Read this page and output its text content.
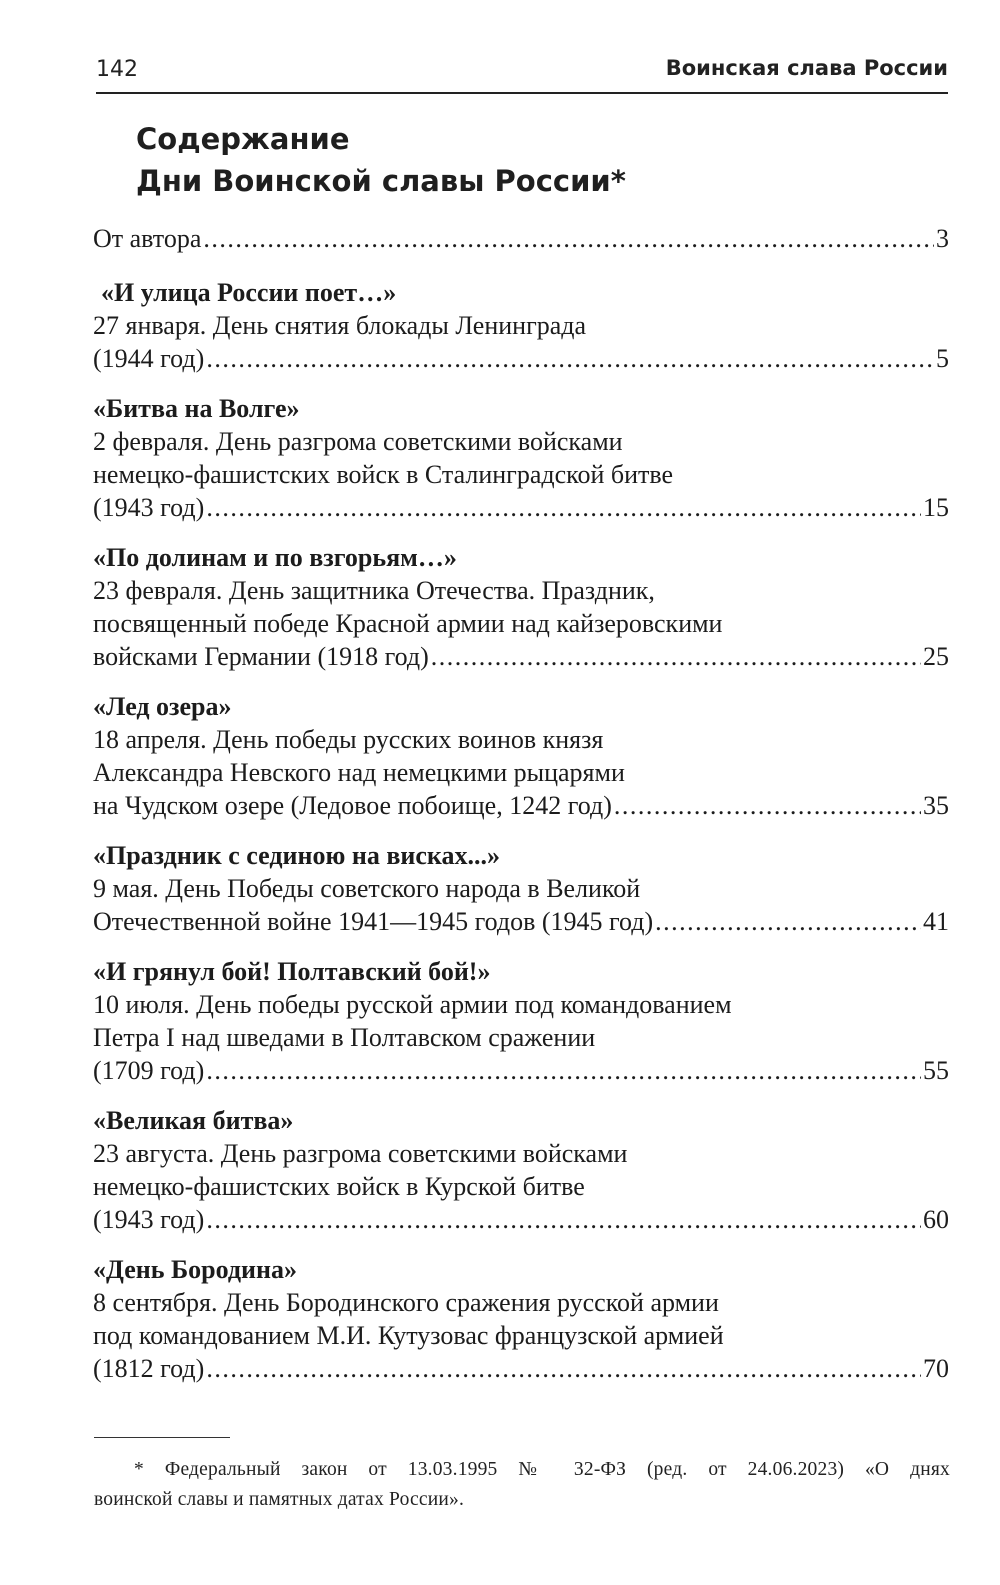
142	Воинская слава России
Содержание
Дни Воинской славы России*
От автора . . .	3
«И улица России поет…»
27 января. День снятия блокады Ленинграда
(1944 год) . . .	5
«Битва на Волге»
2 февраля. День разгрома советскими войсками
немецко-фашистских войск в Сталинградской битве
(1943 год) . . .	15
«По долинам и по взгорьям…»
23 февраля. День защитника Отечества. Праздник,
посвященный победе Красной армии над кайзеровскими
войсками Германии (1918 год) . . .	25
«Лед озера»
18 апреля. День победы русских воинов князя
Александра Невского над немецкими рыцарями
на Чудском озере (Ледовое побоище, 1242 год) . . .	35
«Праздник с сединою на висках...»
9 мая. День Победы советского народа в Великой
Отечественной войне 1941—1945 годов (1945 год) . . .	41
«И грянул бой! Полтавский бой!»
10 июля. День победы русской армии под командованием
Петра I над шведами в Полтавском сражении
(1709 год) . . .	55
«Великая битва»
23 августа. День разгрома советскими войсками
немецко-фашистских войск в Курской битве
(1943 год) . . .	60
«День Бородина»
8 сентября. День Бородинского сражения русской армии
под командованием М.И. Кутузовас французской армией
(1812 год) . . .	70
* Федеральный закон от 13.03.1995 № 32-ФЗ (ред. от 24.06.2023) «О днях
воинской славы и памятных датах России».
